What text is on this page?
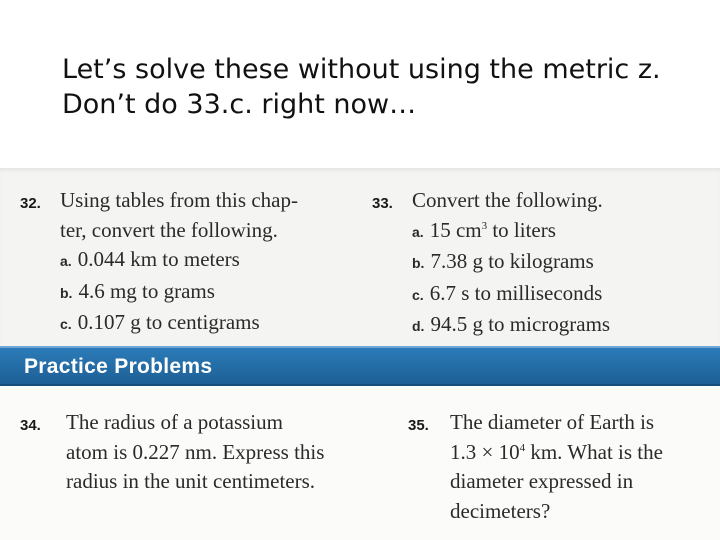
Let’s solve these without using the metric z.
Don’t do 33.c. right now…
32. Using tables from this chap-
ter, convert the following.
a. 0.044 km to meters
b. 4.6 mg to grams
c. 0.107 g to centigrams
33. Convert the following.
a. 15 $cm^3$ to liters
b. 7.38 g to kilograms
c. 6.7 s to milliseconds
d. 94.5 g to micrograms
Practice Problems
34.	The radius of a potassium
atom is 0.227 nm. Express this
radius in the unit centimeters.
35.	The diameter of Earth is
$1.3 \times 10^4$ km. What is the
diameter expressed in
decimeters?
